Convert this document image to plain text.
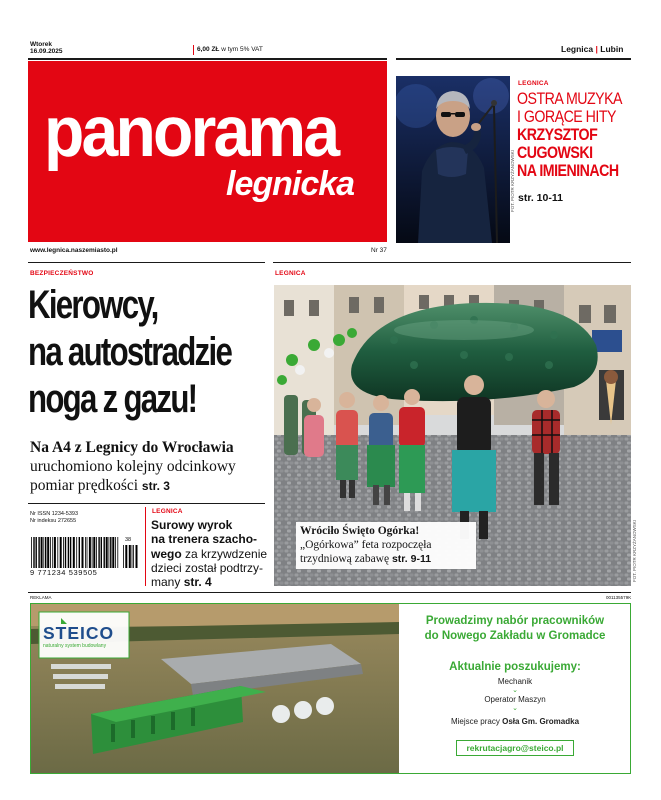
Wtorek
16.09.2025	6,00 ZŁ w tym 5% VAT	Legnica | Lubin
panorama
legnicka
www.legnica.naszemiasto.pl	Nr 37
FOT. PIOTR KRZYŻANOWSKI
LEGNICA
OSTRA MUZYKA
I GORĄCE HITY
KRZYSZTOF
CUGOWSKI
NA IMIENINACH
str. 10-11
BEZPIECZEŃSTWO
Kierowcy,
na autostradzie
noga z gazu!
Na A4 z Legnicy do Wrocławia
uruchomiono kolejny odcinkowy
pomiar prędkości str. 3
Nr ISSN 1234-5393
Nr indeksu 272655
9 771234 539505
38
LEGNICA
Surowy wyrok
na trenera szacho-
wego za krzywdzenie
dzieci został podtrzy-
many str. 4
LEGNICA
Wróciło Święto Ogórka!
„Ogórkowa” feta rozpoczęła
trzydniową zabawę str. 9-11	FOT. PIOTR KRZYŻANOWSKI
REKLAMA	001135579K
STEICO
naturalny system budowlany
Prowadzimy nabór pracowników
do Nowego Zakładu w Gromadce
Aktualnie poszukujemy:
Mechanik
⌄
Operator Maszyn
⌄
Miejsce pracy Osła Gm. Gromadka
rekrutacjagro@steico.pl
